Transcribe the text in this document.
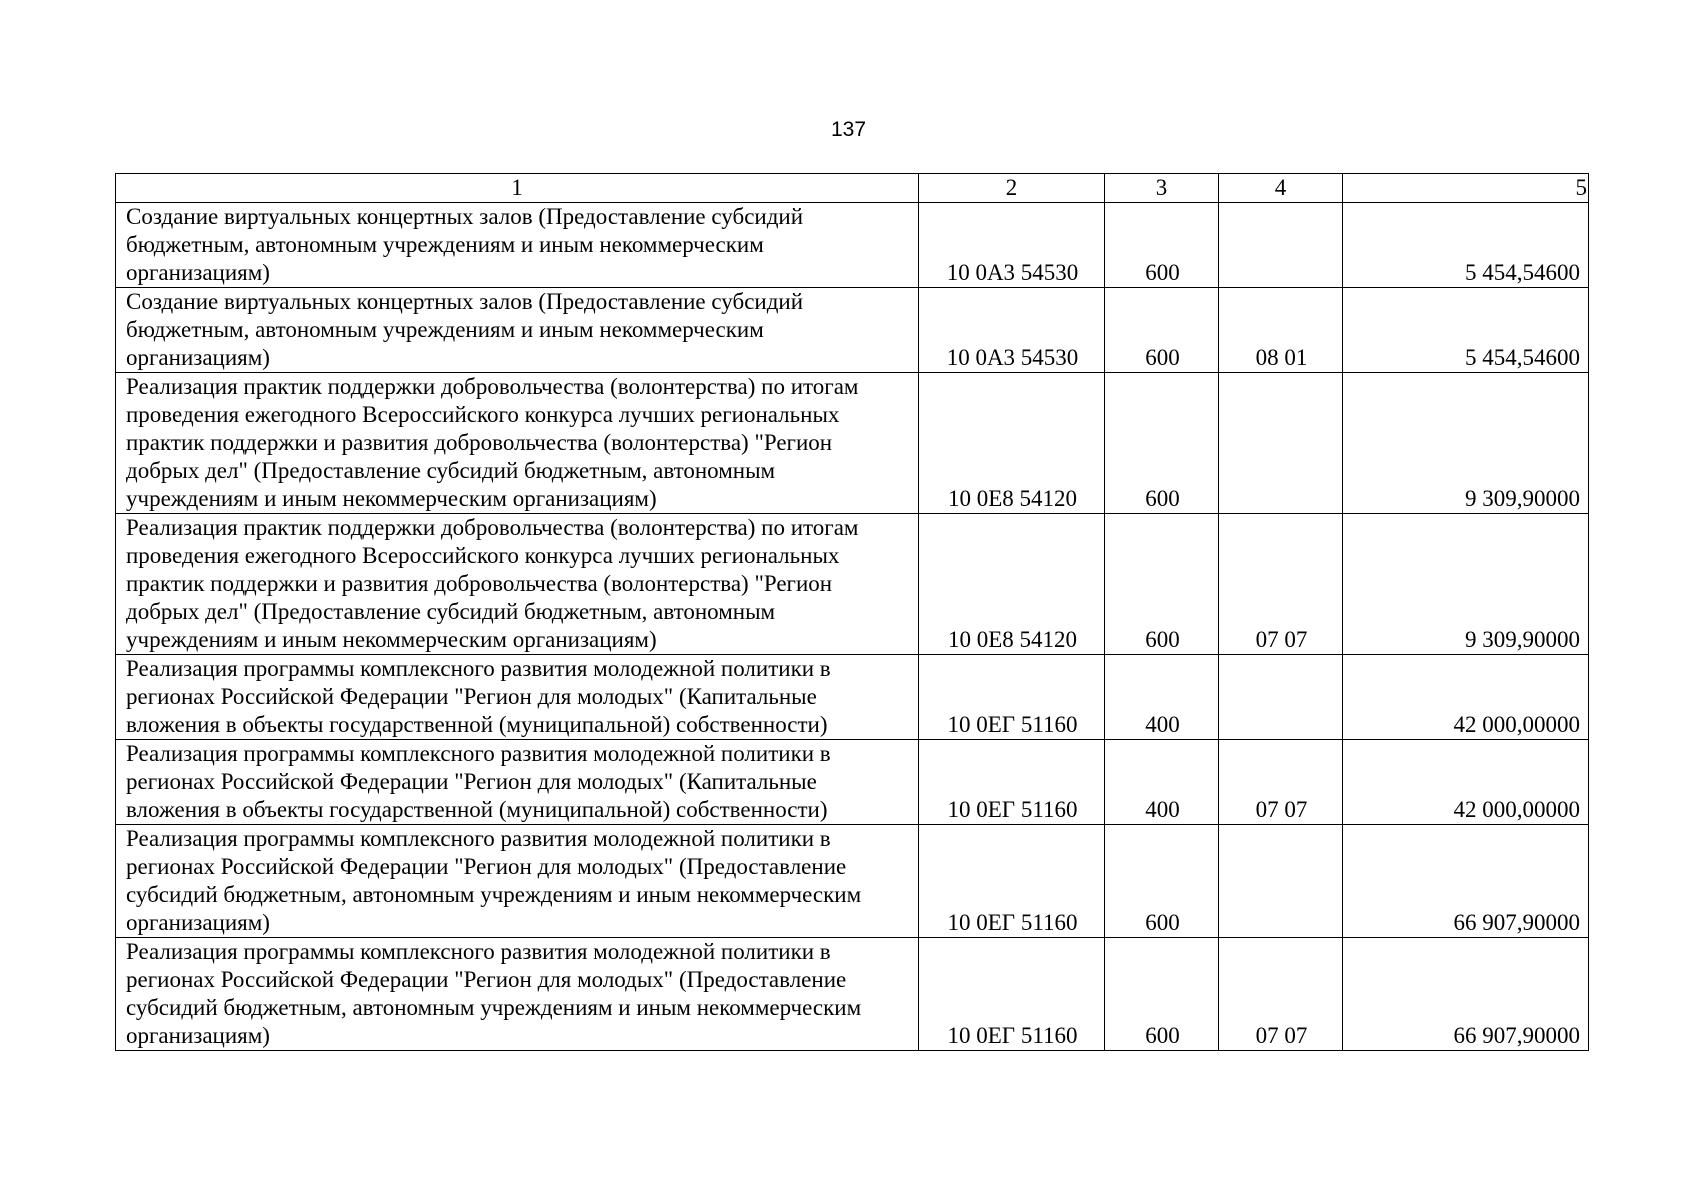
137
1	2	3	4	5
Создание виртуальных концертных залов (Предоставление субсидий бюджетным, автономным учреждениям и иным некоммерческим организациям)	10 0А3 54530	600		5 454,54600
Создание виртуальных концертных залов (Предоставление субсидий бюджетным, автономным учреждениям и иным некоммерческим организациям)	10 0А3 54530	600	08 01	5 454,54600
Реализация практик поддержки добровольчества (волонтерства) по итогам проведения ежегодного Всероссийского конкурса лучших региональных практик поддержки и развития добровольчества (волонтерства) "Регион добрых дел" (Предоставление субсидий бюджетным, автономным учреждениям и иным некоммерческим организациям)	10 0Е8 54120	600		9 309,90000
Реализация практик поддержки добровольчества (волонтерства) по итогам проведения ежегодного Всероссийского конкурса лучших региональных практик поддержки и развития добровольчества (волонтерства) "Регион добрых дел" (Предоставление субсидий бюджетным, автономным учреждениям и иным некоммерческим организациям)	10 0Е8 54120	600	07 07	9 309,90000
Реализация программы комплексного развития молодежной политики в регионах Российской Федерации "Регион для молодых" (Капитальные вложения в объекты государственной (муниципальной) собственности)	10 0ЕГ 51160	400		42 000,00000
Реализация программы комплексного развития молодежной политики в регионах Российской Федерации "Регион для молодых" (Капитальные вложения в объекты государственной (муниципальной) собственности)	10 0ЕГ 51160	400	07 07	42 000,00000
Реализация программы комплексного развития молодежной политики в регионах Российской Федерации "Регион для молодых" (Предоставление субсидий бюджетным, автономным учреждениям и иным некоммерческим организациям)	10 0ЕГ 51160	600		66 907,90000
Реализация программы комплексного развития молодежной политики в регионах Российской Федерации "Регион для молодых" (Предоставление субсидий бюджетным, автономным учреждениям и иным некоммерческим организациям)	10 0ЕГ 51160	600	07 07	66 907,90000
